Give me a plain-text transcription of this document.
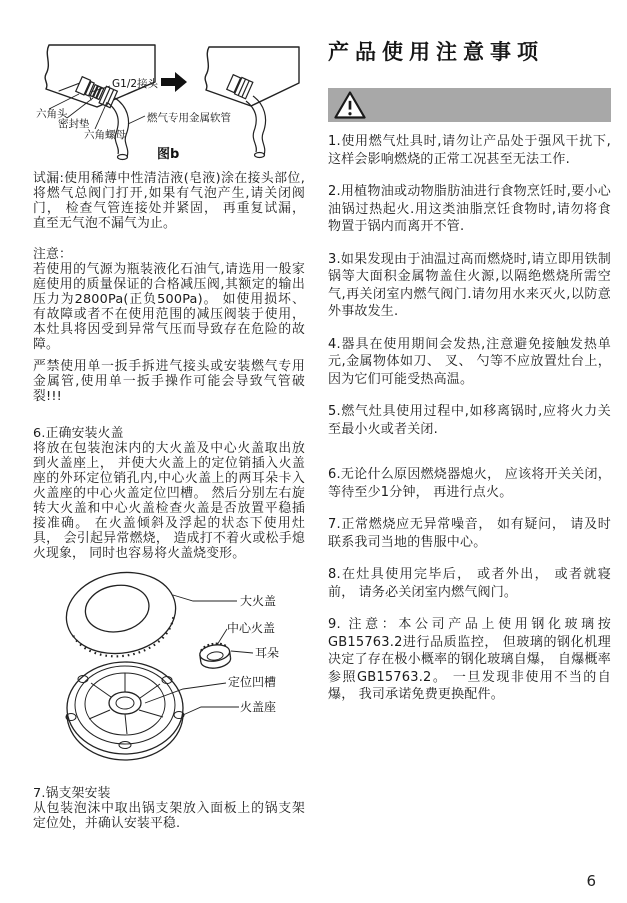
G1/2接头
六角头
密封垫
六角螺母
燃气专用金属软管
图b

试漏:使用稀薄中性清洁液(皂液)涂在接头部位,将燃气总阀门打开,如果有气泡产生,请关闭阀门， 检查气管连接处并紧固， 再重复试漏， 直至无气泡不漏气为止。

注意：

若使用的气源为瓶装液化石油气,请选用一般家庭使用的质量保证的合格减压阀,其额定的输出压力为2800Pa(正负500Pa)。 如使用损坏、 有故障或者不在使用范围的减压阀装于使用， 本灶具将因受到异常气压而导致存在危险的故障。

严禁使用单一扳手拆进气接头或安装燃气专用金属管,使用单一扳手操作可能会导致气管破裂!!!

6.正确安装火盖

将放在包装泡沫内的大火盖及中心火盖取出放到火盖座上， 并使大火盖上的定位销插入火盖座的外环定位销孔内,中心火盖上的两耳朵卡入火盖座的中心火盖定位凹槽。 然后分别左右旋转大火盖和中心火盖检查火盖是否放置平稳插接准确。 在火盖倾斜及浮起的状态下使用灶具， 会引起异常燃烧， 造成打不着火或松手熄火现象， 同时也容易将火盖烧变形。

大火盖
中心火盖
耳朵
定位凹槽
火盖座

7.锅支架安装

从包装泡沫中取出锅支架放入面板上的锅支架定位处，并确认安装平稳.

产品使用注意事项

1.使用燃气灶具时,请勿让产品处于强风干扰下,这样会影响燃烧的正常工况甚至无法工作.

2.用植物油或动物脂肪油进行食物烹饪时,要小心油锅过热起火.用这类油脂烹饪食物时,请勿将食物置于锅内而离开不管.

3.如果发现由于油温过高而燃烧时,请立即用铁制锅等大面积金属物盖住火源,以隔绝燃烧所需空气,再关闭室内燃气阀门.请勿用水来灭火,以防意外事故发生.

4.器具在使用期间会发热,注意避免接触发热单元,金属物体如刀、 叉、 勺等不应放置灶台上， 因为它们可能受热高温。

5.燃气灶具使用过程中,如移离锅时,应将火力关至最小火或者关闭.

6.无论什么原因燃烧器熄火， 应该将开关关闭， 等待至少1分钟， 再进行点火。

7.正常燃烧应无异常噪音， 如有疑问， 请及时联系我司当地的售服中心。

8.在灶具使用完毕后， 或者外出， 或者就寝前， 请务必关闭室内燃气阀门。

9. 注意：本公司产品上使用钢化玻璃按GB15763.2进行品质监控， 但玻璃的钢化机理决定了存在极小概率的钢化玻璃自爆， 自爆概率参照GB15763.2。 一旦发现非使用不当的自爆， 我司承诺免费更换配件。

6
